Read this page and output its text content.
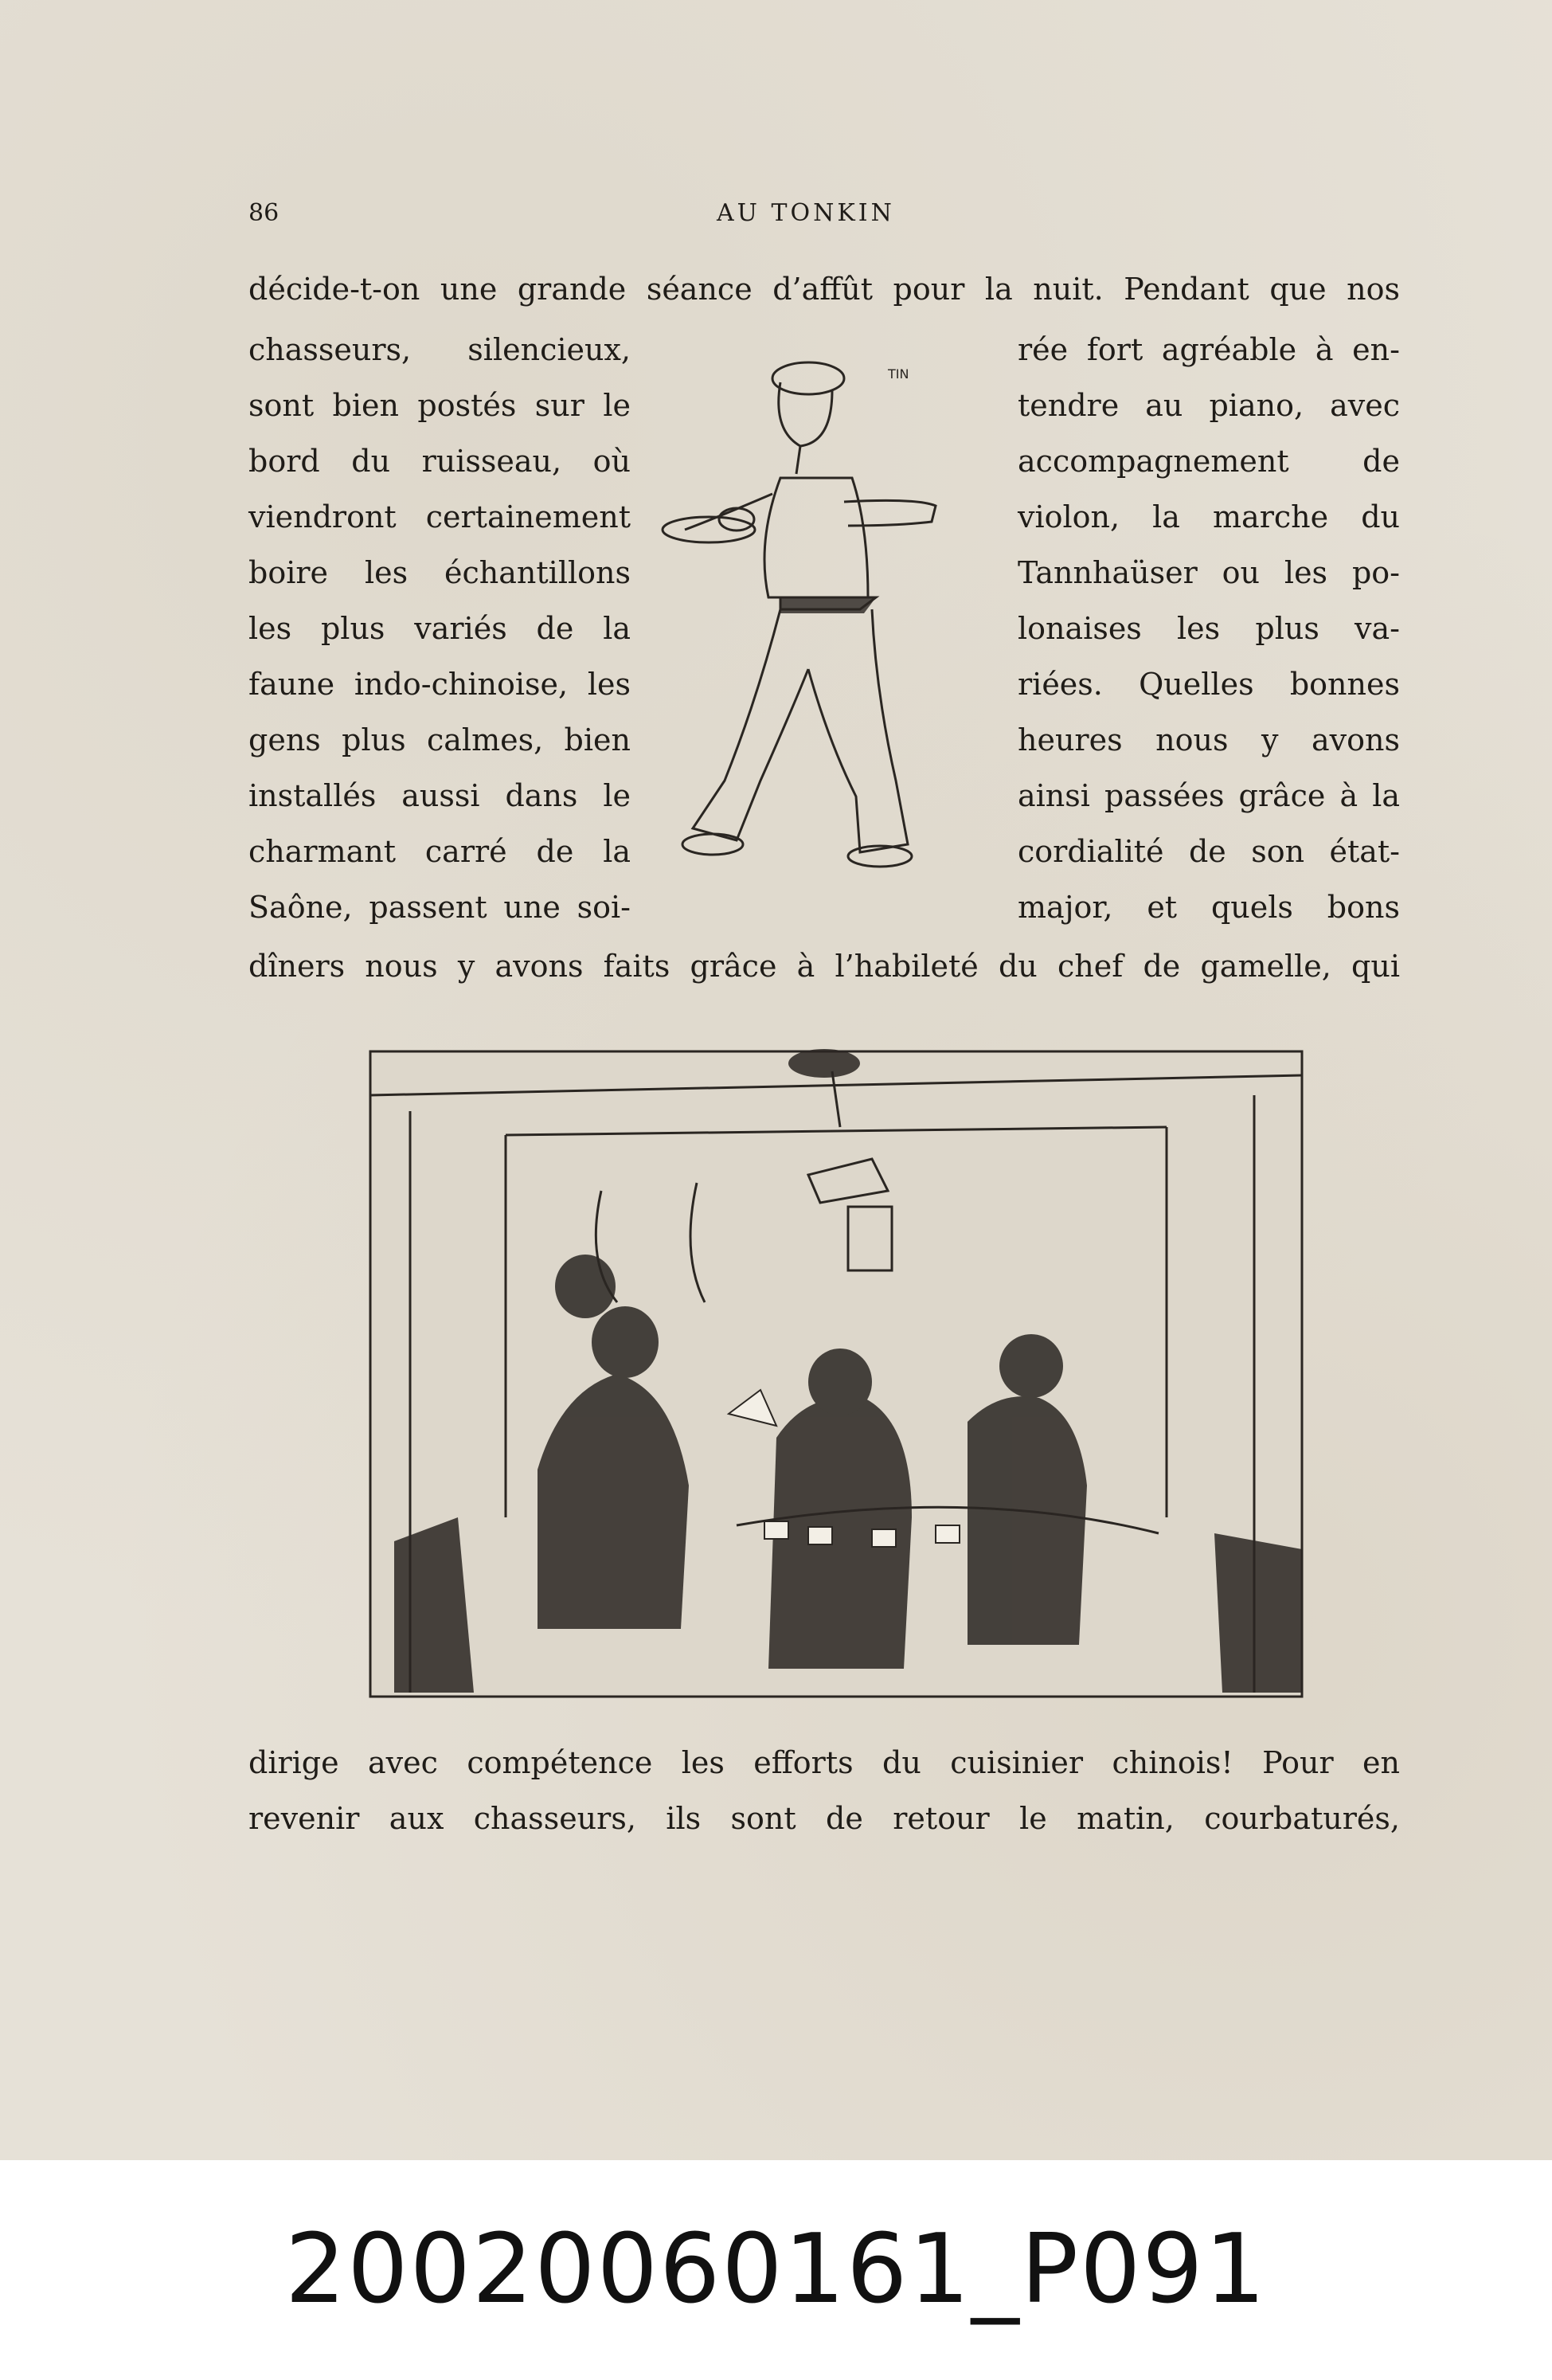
86	AU TONKIN
décide-t-on une grande séance d’affût pour la nuit. Pendant que nos
chasseurs, silencieux,
sont bien postés sur le
bord du ruisseau, où
viendront certainement
boire les échantillons
les plus variés de la
faune indo-chinoise, les
gens plus calmes, bien
installés aussi dans le
charmant carré de la
Saône, passent une soi-
rée fort agréable à en-
tendre au piano, avec
accompagnement de
violon, la marche du
Tannhaüser ou les po-
lonaises les plus va-
riées. Quelles bonnes
heures nous y avons
ainsi passées grâce à la
cordialité de son état-
major, et quels bons
TIN
dîners nous y avons faits grâce à l’habileté du chef de gamelle, qui
dirige avec compétence les efforts du cuisinier chinois! Pour en
revenir aux chasseurs, ils sont de retour le matin, courbaturés,
20020060161_P091
